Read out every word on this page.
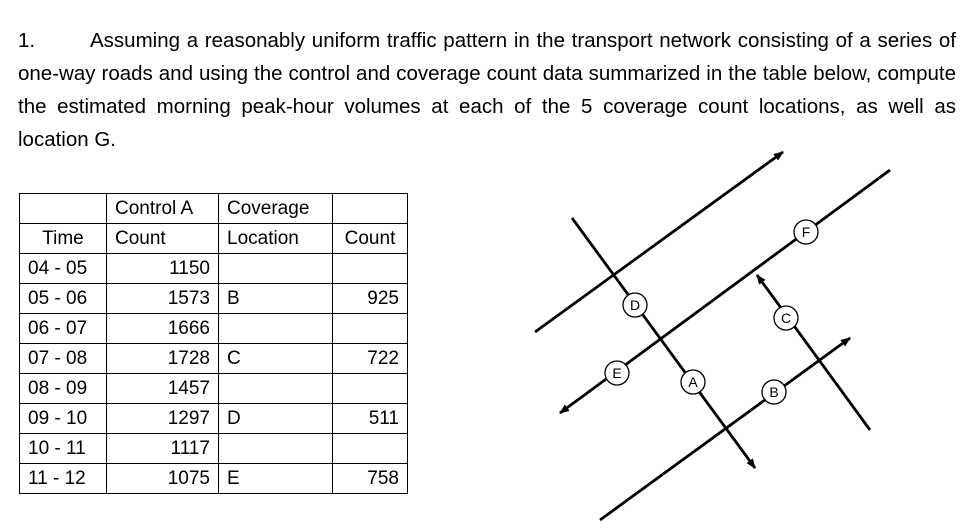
1.	Assuming a reasonably uniform traffic pattern in the transport network consisting of a series of one-way roads and using the control and coverage count data summarized in the table below, compute the estimated morning peak-hour volumes at each of the 5 coverage count locations, as well as location G.
	Control A	Coverage	
Time	Count	Location	Count
04 - 05	1150		
05 - 06	1573	B	925
06 - 07	1666		
07 - 08	1728	C	722
08 - 09	1457		
09 - 10	1297	D	511
10 - 11	1117		
11 - 12	1075	E	758
D
E
A
B
C
F
